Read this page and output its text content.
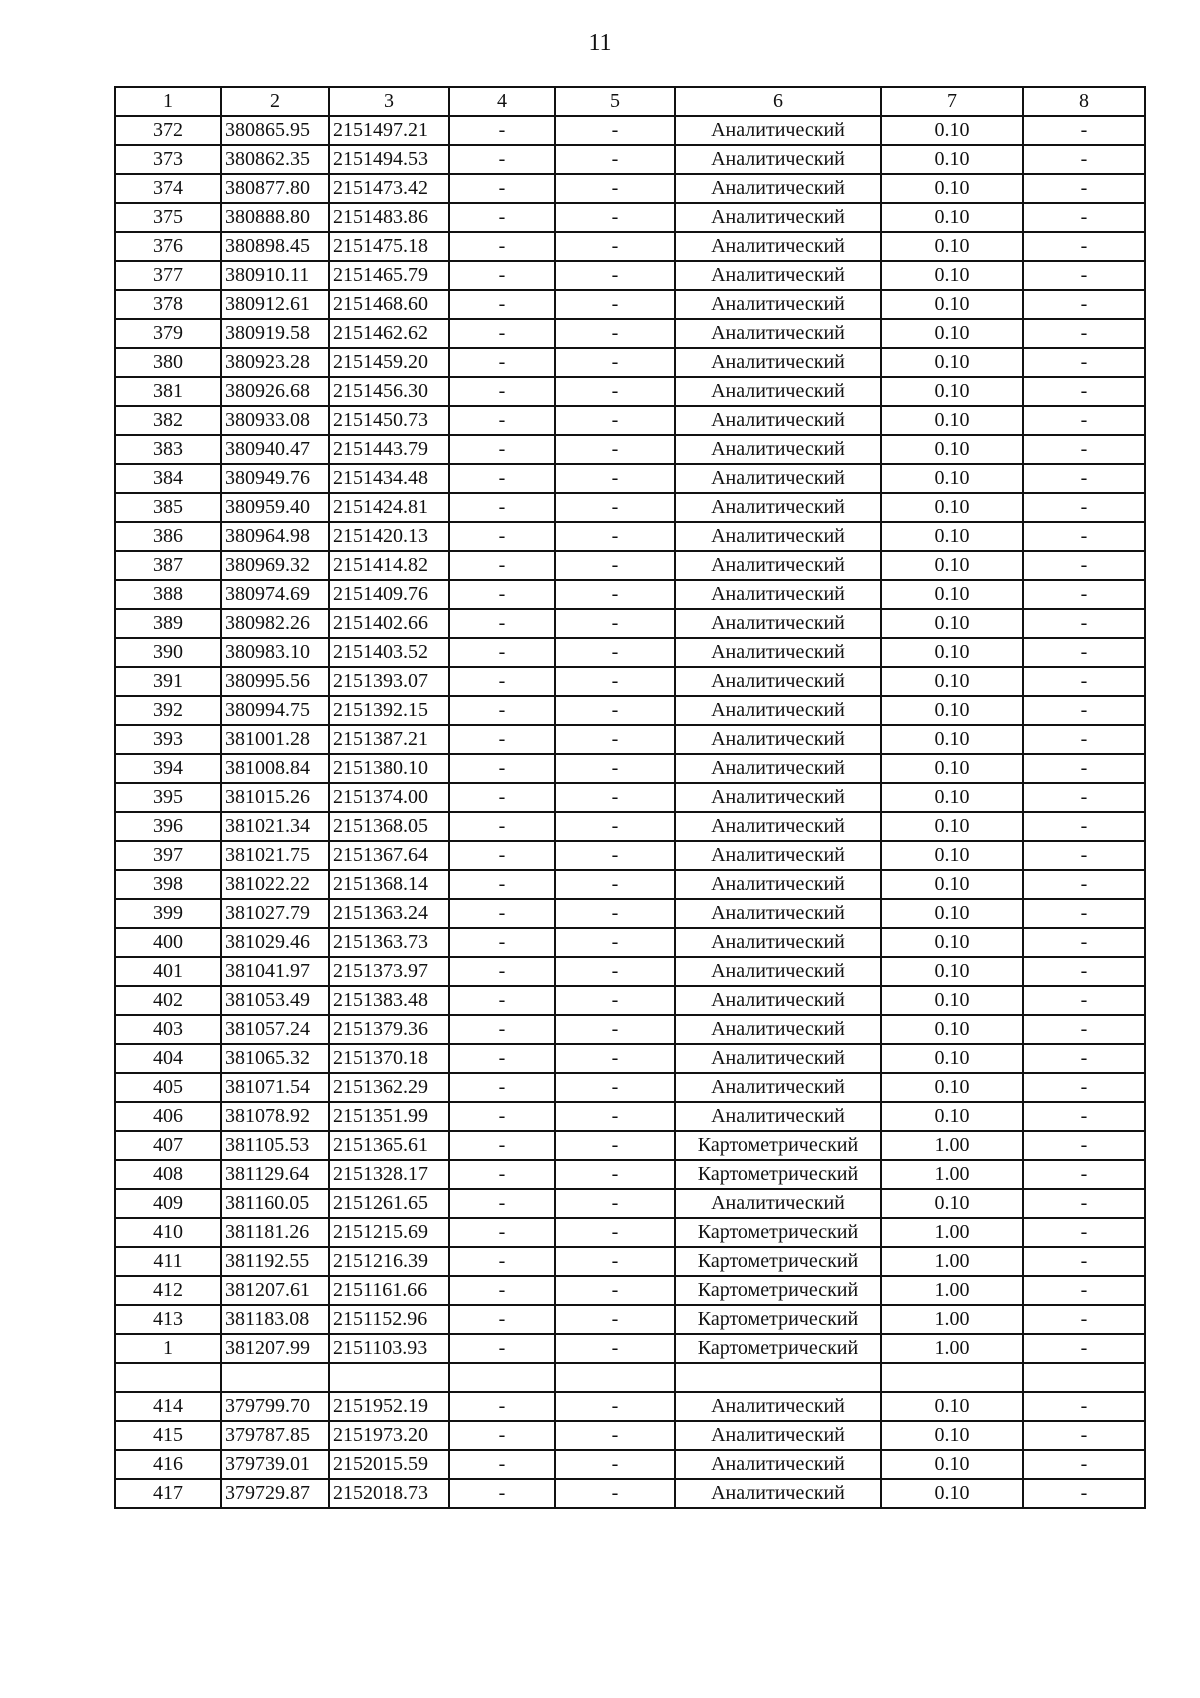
11
1	2	3	4	5	6	7	8
372	380865.95	2151497.21	-	-	Аналитический	0.10	-
373	380862.35	2151494.53	-	-	Аналитический	0.10	-
374	380877.80	2151473.42	-	-	Аналитический	0.10	-
375	380888.80	2151483.86	-	-	Аналитический	0.10	-
376	380898.45	2151475.18	-	-	Аналитический	0.10	-
377	380910.11	2151465.79	-	-	Аналитический	0.10	-
378	380912.61	2151468.60	-	-	Аналитический	0.10	-
379	380919.58	2151462.62	-	-	Аналитический	0.10	-
380	380923.28	2151459.20	-	-	Аналитический	0.10	-
381	380926.68	2151456.30	-	-	Аналитический	0.10	-
382	380933.08	2151450.73	-	-	Аналитический	0.10	-
383	380940.47	2151443.79	-	-	Аналитический	0.10	-
384	380949.76	2151434.48	-	-	Аналитический	0.10	-
385	380959.40	2151424.81	-	-	Аналитический	0.10	-
386	380964.98	2151420.13	-	-	Аналитический	0.10	-
387	380969.32	2151414.82	-	-	Аналитический	0.10	-
388	380974.69	2151409.76	-	-	Аналитический	0.10	-
389	380982.26	2151402.66	-	-	Аналитический	0.10	-
390	380983.10	2151403.52	-	-	Аналитический	0.10	-
391	380995.56	2151393.07	-	-	Аналитический	0.10	-
392	380994.75	2151392.15	-	-	Аналитический	0.10	-
393	381001.28	2151387.21	-	-	Аналитический	0.10	-
394	381008.84	2151380.10	-	-	Аналитический	0.10	-
395	381015.26	2151374.00	-	-	Аналитический	0.10	-
396	381021.34	2151368.05	-	-	Аналитический	0.10	-
397	381021.75	2151367.64	-	-	Аналитический	0.10	-
398	381022.22	2151368.14	-	-	Аналитический	0.10	-
399	381027.79	2151363.24	-	-	Аналитический	0.10	-
400	381029.46	2151363.73	-	-	Аналитический	0.10	-
401	381041.97	2151373.97	-	-	Аналитический	0.10	-
402	381053.49	2151383.48	-	-	Аналитический	0.10	-
403	381057.24	2151379.36	-	-	Аналитический	0.10	-
404	381065.32	2151370.18	-	-	Аналитический	0.10	-
405	381071.54	2151362.29	-	-	Аналитический	0.10	-
406	381078.92	2151351.99	-	-	Аналитический	0.10	-
407	381105.53	2151365.61	-	-	Картометрический	1.00	-
408	381129.64	2151328.17	-	-	Картометрический	1.00	-
409	381160.05	2151261.65	-	-	Аналитический	0.10	-
410	381181.26	2151215.69	-	-	Картометрический	1.00	-
411	381192.55	2151216.39	-	-	Картометрический	1.00	-
412	381207.61	2151161.66	-	-	Картометрический	1.00	-
413	381183.08	2151152.96	-	-	Картометрический	1.00	-
1	381207.99	2151103.93	-	-	Картометрический	1.00	-

414	379799.70	2151952.19	-	-	Аналитический	0.10	-
415	379787.85	2151973.20	-	-	Аналитический	0.10	-
416	379739.01	2152015.59	-	-	Аналитический	0.10	-
417	379729.87	2152018.73	-	-	Аналитический	0.10	-
